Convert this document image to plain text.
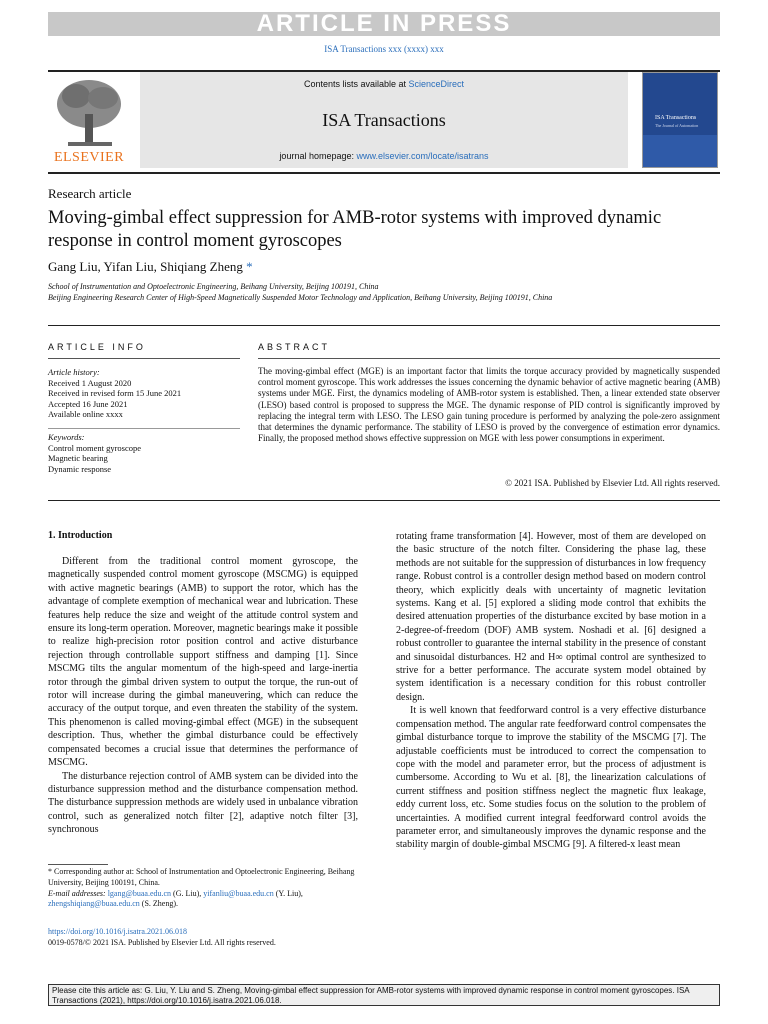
ARTICLE IN PRESS
ISA Transactions xxx (xxxx) xxx
ELSEVIER
Contents lists available at ScienceDirect
ISA Transactions
journal homepage: www.elsevier.com/locate/isatrans
ISA Transactions
The Journal of Automation
Research article
Moving-gimbal effect suppression for AMB-rotor systems with improved dynamic response in control moment gyroscopes
Gang Liu, Yifan Liu, Shiqiang Zheng *
School of Instrumentation and Optoelectronic Engineering, Beihang University, Beijing 100191, China
Beijing Engineering Research Center of High-Speed Magnetically Suspended Motor Technology and Application, Beihang University, Beijing 100191, China
ARTICLE INFO	ABSTRACT
Article history:
Received 1 August 2020
Received in revised form 15 June 2021
Accepted 16 June 2021
Available online xxxx
Keywords:
Control moment gyroscope
Magnetic bearing
Dynamic response
The moving-gimbal effect (MGE) is an important factor that limits the torque accuracy provided by magnetically suspended control moment gyroscope. This work addresses the issues concerning the dynamic behavior of active magnetic bearing (AMB) systems under MGE. First, the dynamics modeling of AMB-rotor system is established. Then, a linear extended state observer (LESO) based control is proposed to suppress the MGE. The dynamic response of PID control is significantly improved by replacing the integral term with LESO. The LESO gain tuning procedure is performed by analyzing the pole-zero assignment that determines the dynamic performance. The stability of LESO is proved by the convergence of estimation error dynamics. Finally, the proposed method shows effective suppression on MGE with less power consumptions in experiment.
© 2021 ISA. Published by Elsevier Ltd. All rights reserved.
1. Introduction

Different from the traditional control moment gyroscope, the magnetically suspended control moment gyroscope (MSCMG) is equipped with active magnetic bearings (AMB) to support the rotor, which has the advantage of complete exemption of mechanical wear and lubrication. These features help reduce the size and weight of the attitude control system and ensure its long-term operation. Moreover, magnetic bearings make it possible to realize high-precision rotor position control and active disturbance rejection through controllable support stiffness and damping [1]. Since MSCMG tilts the angular momentum of the high-speed and large-inertia rotor through the gimbal driven system to output the torque, the run-out of rotor will increase during the gimbal maneuvering, which can reduce the accuracy of the output torque, and even threaten the stability of the system. This phenomenon is called moving-gimbal effect (MGE) in the subsequent description. Thus, whether the gimbal disturbance could be effectively compensated becomes a crucial issue that determines the performance of MSCMG.

The disturbance rejection control of AMB system can be divided into the disturbance suppression method and the disturbance compensation method. The disturbance suppression methods are widely used in unbalance vibration control, such as generalized notch filter [2], adaptive notch filter [3], synchronous

rotating frame transformation [4]. However, most of them are developed on the basic structure of the notch filter. Considering the phase lag, these methods are not suitable for the suppression of disturbances in low frequency range. Robust control is a controller design method based on modern control theory, which explicitly deals with uncertainty of magnetic levitation systems. Kang et al. [5] explored a sliding mode control that exhibits the desired attenuation properties of the disturbance excited by base motion in a 2-degree-of-freedom (DOF) AMB system. Noshadi et al. [6] designed a robust controller to guarantee the internal stability in the presence of constant and sinusoidal disturbances. H2 and H∞ optimal control are synthesized to strive for a better performance. The accurate system model obtained by system identification is a necessary condition for this robust controller design.

It is well known that feedforward control is a very effective disturbance compensation method. The angular rate feedforward control compensates the gimbal disturbance torque to improve the stability of the MSCMG [7]. The adjustable coefficients must be introduced to correct the compensation to cope with the model and parameter error, but the process of adjustment is cumbersome. According to Wu et al. [8], the linearization calculations of current stiffness and position stiffness neglect the magnetic flux leakage, eddy current loss, etc. Some studies focus on the solution to the problem of uncertainties. A modified current integral feedforward control avoids the parameter error, and simultaneously improves the dynamic response and the stability margin of double-gimbal MSCMG [9]. A filtered-x least mean

* Corresponding author at: School of Instrumentation and Optoelectronic Engineering, Beihang University, Beijing 100191, China.
E-mail addresses: lgang@buaa.edu.cn (G. Liu), yifanliu@buaa.edu.cn (Y. Liu), zhengshiqiang@buaa.edu.cn (S. Zheng).
https://doi.org/10.1016/j.isatra.2021.06.018
0019-0578/© 2021 ISA. Published by Elsevier Ltd. All rights reserved.
Please cite this article as: G. Liu, Y. Liu and S. Zheng, Moving-gimbal effect suppression for AMB-rotor systems with improved dynamic response in control moment gyroscopes. ISA Transactions (2021), https://doi.org/10.1016/j.isatra.2021.06.018.
